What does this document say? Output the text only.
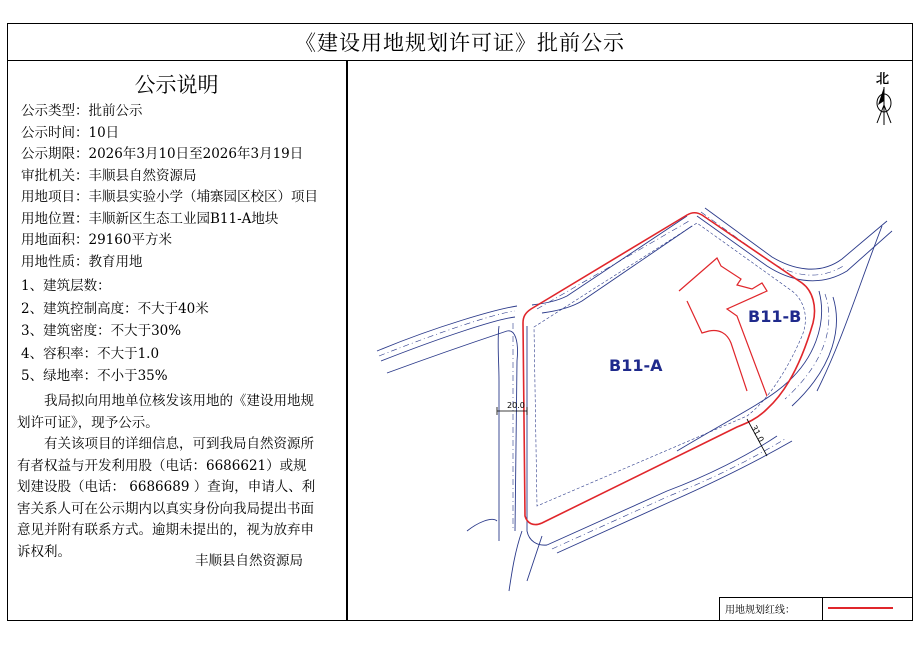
《建设用地规划许可证》批前公示
公示说明
公示类型：批前公示
公示时间：10日
公示期限：2026年3月10日至2026年3月19日
审批机关：丰顺县自然资源局
用地项目：丰顺县实验小学（埔寨园区校区）项目
用地位置：丰顺新区生态工业园B11-A地块
用地面积：29160平方米
用地性质：教育用地
1、建筑层数：
2、建筑控制高度：不大于40米
3、建筑密度：不大于30%
4、容积率：不大于1.0
5、绿地率：不小于35%

　　我局拟向用地单位核发该用地的《建设用地规划许可证》，现予公示。

　　有关该项目的详细信息，可到我局自然资源所有者权益与开发利用股（电话：6686621）或规划建设股（电话： 6686689 ）查询，申请人、利害关系人可在公示期内以真实身份向我局提出书面意见并附有联系方式。逾期未提出的，视为放弃申诉权利。

丰顺县自然资源局
20.0
31.0
B11-A
B11-B
北
用地规划红线：
